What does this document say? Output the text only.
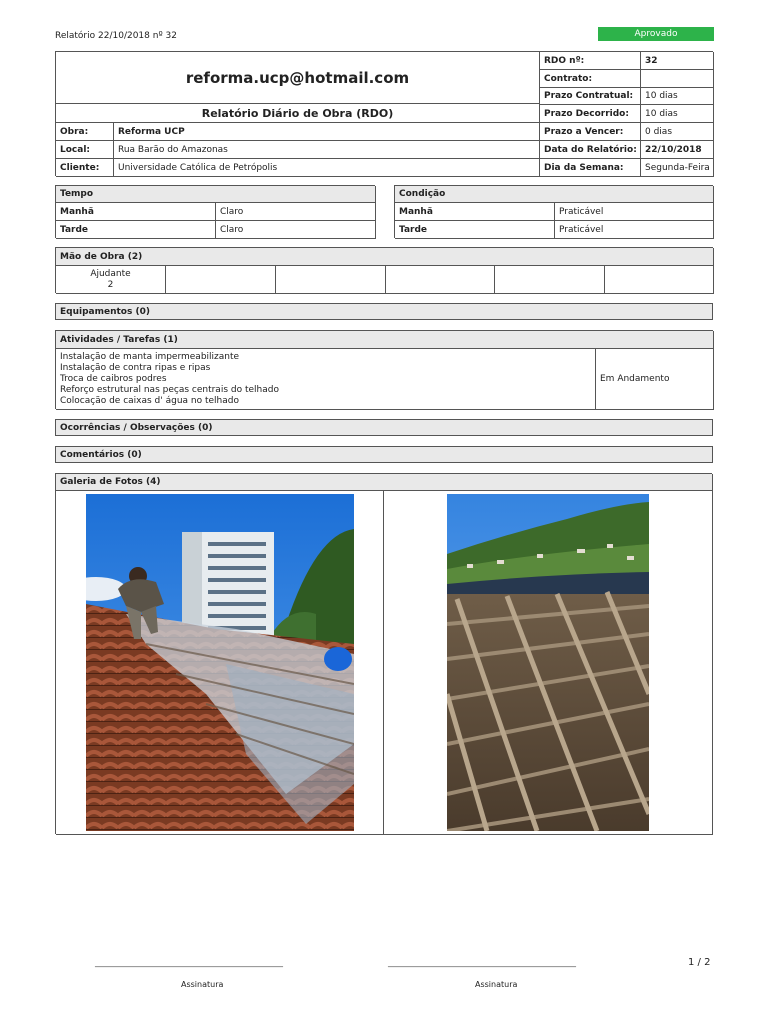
Relatório 22/10/2018 nº 32	Aprovado
reforma.ucp@hotmail.com
Relatório Diário de Obra (RDO)
Obra:	Reforma UCP
Local:	Rua Barão do Amazonas
Cliente:	Universidade Católica de Petrópolis
RDO nº:	32
Contrato:
Prazo Contratual:	10 dias
Prazo Decorrido:	10 dias
Prazo a Vencer:	0 dias
Data do Relatório: 22/10/2018
Dia da Semana:	Segunda-Feira
Tempo
Manhã	Claro
Tarde	Claro
Condição
Manhã	Praticável
Tarde	Praticável
Mão de Obra (2)
Ajudante
2
Equipamentos (0)
Atividades / Tarefas (1)
Instalação de manta impermeabilizante
Instalação de contra ripas e ripas
Troca de caibros podres
Reforço estrutural nas peças centrais do telhado
Colocação de caixas d' água no telhado
Em Andamento
Ocorrências / Observações (0)
Comentários (0)
Galeria de Fotos (4)
1 / 2
_______________________________________________
Assinatura
_______________________________________________
Assinatura
